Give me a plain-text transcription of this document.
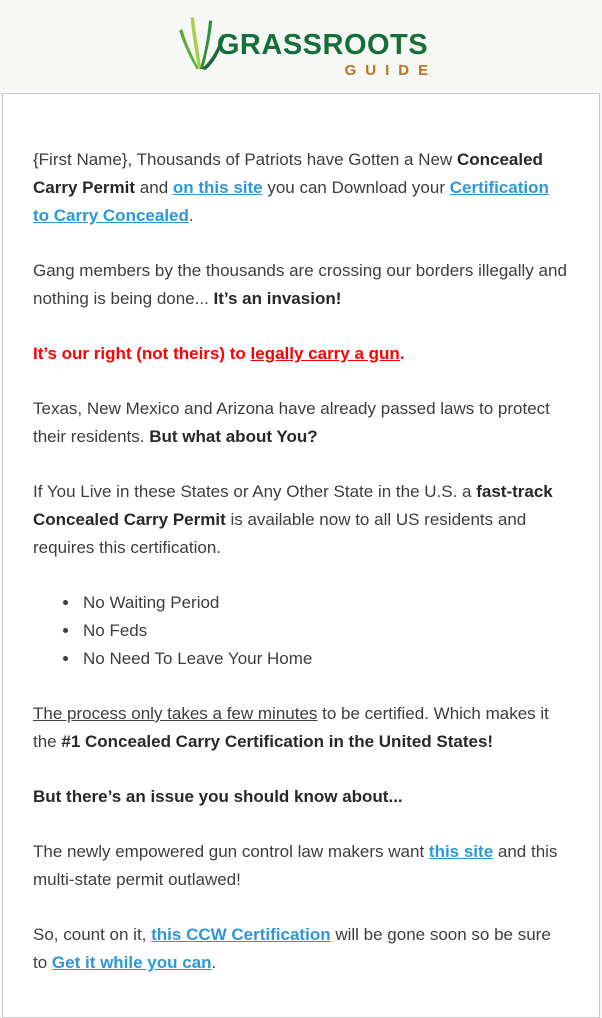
GRASSROOTS
GUIDE

{First Name}, Thousands of Patriots have Gotten a New Concealed Carry Permit and on this site you can Download your Certification to Carry Concealed.

Gang members by the thousands are crossing our borders illegally and nothing is being done... It’s an invasion!

It’s our right (not theirs) to legally carry a gun.

Texas, New Mexico and Arizona have already passed laws to protect their residents. But what about You?

If You Live in these States or Any Other State in the U.S. a fast-track Concealed Carry Permit is available now to all US residents and requires this certification.

• No Waiting Period
• No Feds
• No Need To Leave Your Home

The process only takes a few minutes to be certified. Which makes it the #1 Concealed Carry Certification in the United States!

But there’s an issue you should know about...

The newly empowered gun control law makers want this site and this multi-state permit outlawed!

So, count on it, this CCW Certification will be gone soon so be sure to Get it while you can.
